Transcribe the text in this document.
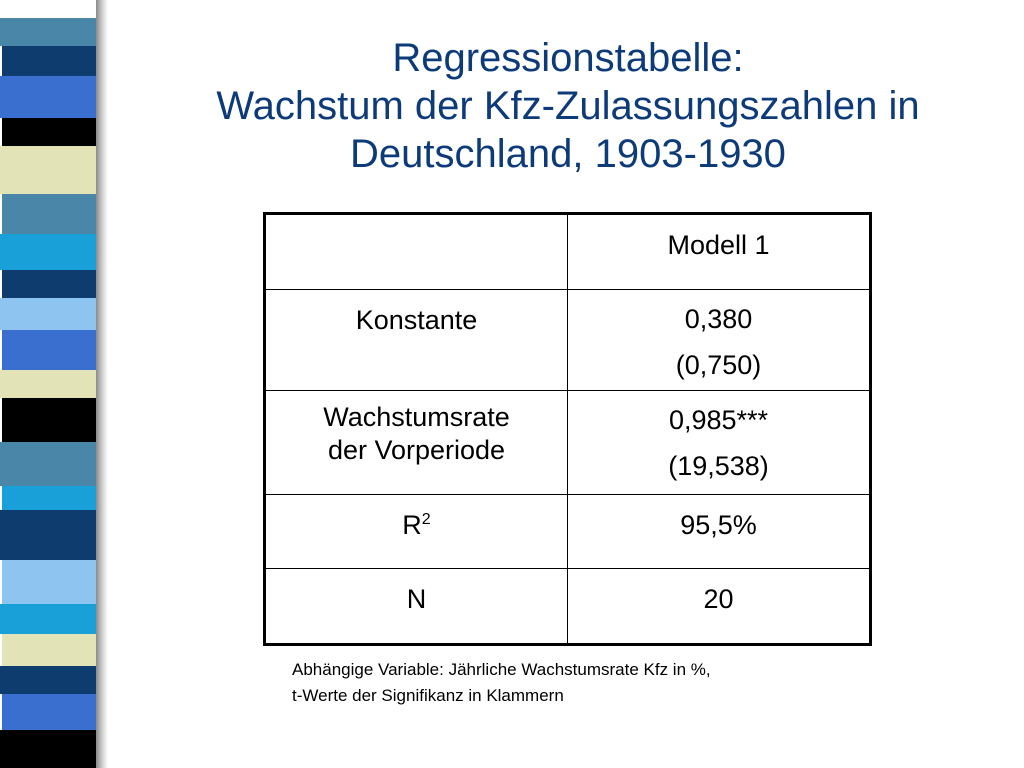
Regressionstabelle:
Wachstum der Kfz-Zulassungszahlen in
Deutschland, 1903-1930

	Modell 1

Konstante	0,380
(0,750)

Wachstumsrate
der Vorperiode	0,985***
(19,538)

$R^2$	95,5%

N	20
Abhängige Variable: Jährliche Wachstumsrate Kfz in %,
t-Werte der Signifikanz in Klammern
